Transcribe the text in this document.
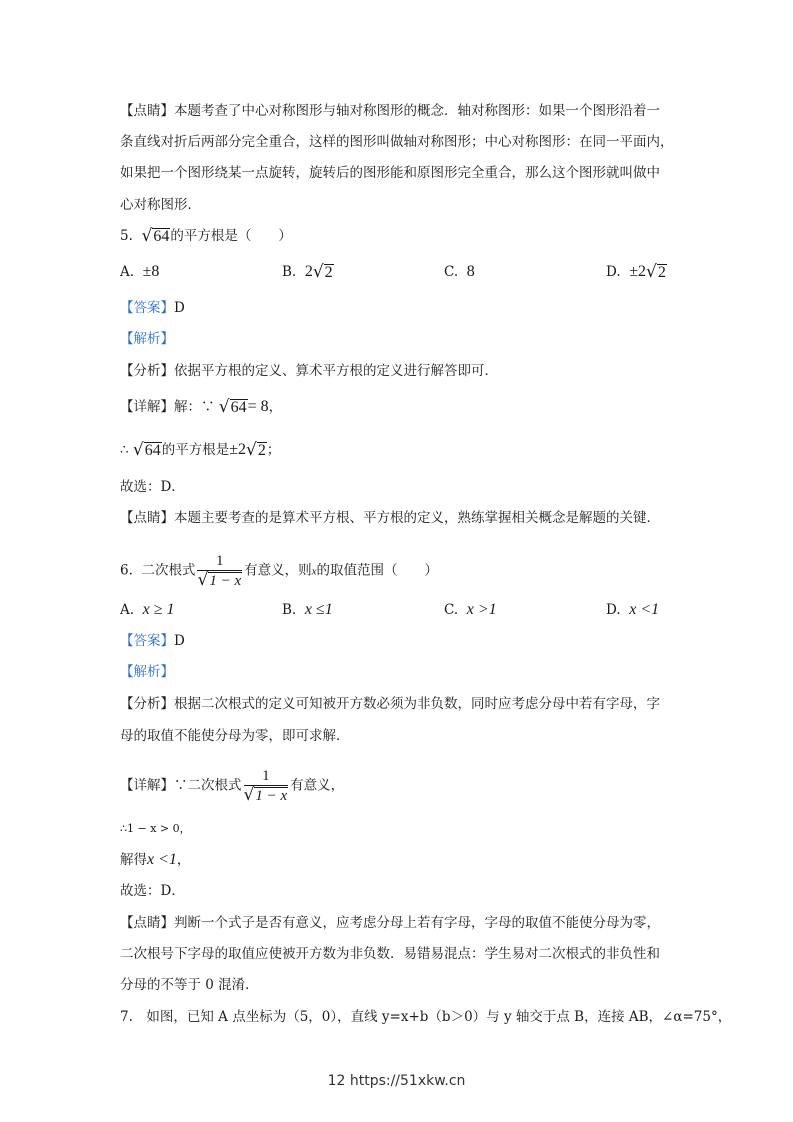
【点睛】本题考查了中心对称图形与轴对称图形的概念．轴对称图形：如果一个图形沿着一
条直线对折后两部分完全重合，这样的图形叫做轴对称图形；中心对称图形：在同一平面内，
如果把一个图形绕某一点旋转，旋转后的图形能和原图形完全重合，那么这个图形就叫做中
心对称图形．
5. √ 64 的平方根是（　　）
A. ±8	B. 2 √ 2	C. 8	D. ±2 √ 2
【答案】D
【解析】
【分析】依据平方根的定义、算术平方根的定义进行解答即可．
【详解】解：∵ √ 64 = 8，
∴ √ 64 的平方根是±2 √ 2 ；
故选：D．
【点睛】本题主要考查的是算术平方根、平方根的定义，熟练掌握相关概念是解题的关键．
6. 二次根式 $\frac{1}{√ 1 - x}$ 有意义，则x的取值范围（　　）
A. x ≥ 1	B. x ≤1	C. x >1	D. x <1
【答案】D
【解析】
【分析】根据二次根式的定义可知被开方数必须为非负数，同时应考虑分母中若有字母，字
母的取值不能使分母为零，即可求解．
【详解】∵二次根式 $\frac{1}{√ 1 - x}$ 有意义，
∴1 − x > 0，
解得x <1，
故选：D．
【点睛】判断一个式子是否有意义，应考虑分母上若有字母，字母的取值不能使分母为零，
二次根号下字母的取值应使被开方数为非负数．易错易混点：学生易对二次根式的非负性和
分母的不等于 0 混淆．
7.　如图，已知 A 点坐标为（5，0），直线 y=x+b（b＞0）与 y 轴交于点 B，连接 AB，∠α=75°，
12 https://51xkw.cn
